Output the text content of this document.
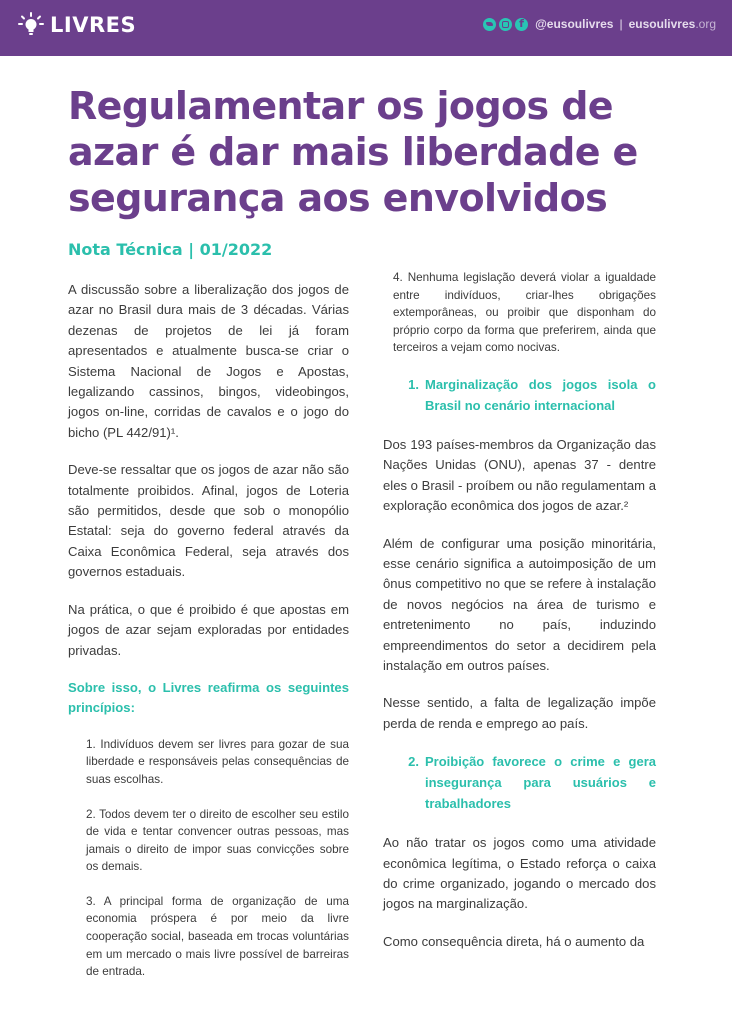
LIVRES
f	@eusoulivres | eusoulivres.org
Regulamentar os jogos de azar é dar mais liberdade e segurança aos envolvidos
Nota Técnica | 01/2022

A discussão sobre a liberalização dos jogos de azar no Brasil dura mais de 3 décadas. Várias dezenas de projetos de lei já foram apresentados e atualmente busca-se criar o Sistema Nacional de Jogos e Apostas, legalizando cassinos, bingos, videobingos, jogos on-line, corridas de cavalos e o jogo do bicho (PL 442/91)¹.

Deve-se ressaltar que os jogos de azar não são totalmente proibidos. Afinal, jogos de Loteria são permitidos, desde que sob o monopólio Estatal: seja do governo federal através da Caixa Econômica Federal, seja através dos governos estaduais.

Na prática, o que é proibido é que apostas em jogos de azar sejam exploradas por entidades privadas.

Sobre isso, o Livres reafirma os seguintes princípios:

1. Indivíduos devem ser livres para gozar de sua liberdade e responsáveis pelas consequências de suas escolhas.

2. Todos devem ter o direito de escolher seu estilo de vida e tentar convencer outras pessoas, mas jamais o direito de impor suas convicções sobre os demais.

3. A principal forma de organização de uma economia próspera é por meio da livre cooperação social, baseada em trocas voluntárias em um mercado o mais livre possível de barreiras de entrada.

4. Nenhuma legislação deverá violar a igualdade entre indivíduos, criar-lhes obrigações extemporâneas, ou proibir que disponham do próprio corpo da forma que preferirem, ainda que terceiros a vejam como nocivas.

1. Marginalização dos jogos isola o Brasil no cenário internacional

Dos 193 países-membros da Organização das Nações Unidas (ONU), apenas 37 - dentre eles o Brasil - proíbem ou não regulamentam a exploração econômica dos jogos de azar.²

Além de configurar uma posição minoritária, esse cenário significa a autoimposição de um ônus competitivo no que se refere à instalação de novos negócios na área de turismo e entretenimento no país, induzindo empreendimentos do setor a decidirem pela instalação em outros países.

Nesse sentido, a falta de legalização impõe perda de renda e emprego ao país.

2. Proibição favorece o crime e gera insegurança para usuários e trabalhadores

Ao não tratar os jogos como uma atividade econômica legítima, o Estado reforça o caixa do crime organizado, jogando o mercado dos jogos na marginalização.

Como consequência direta, há o aumento da
